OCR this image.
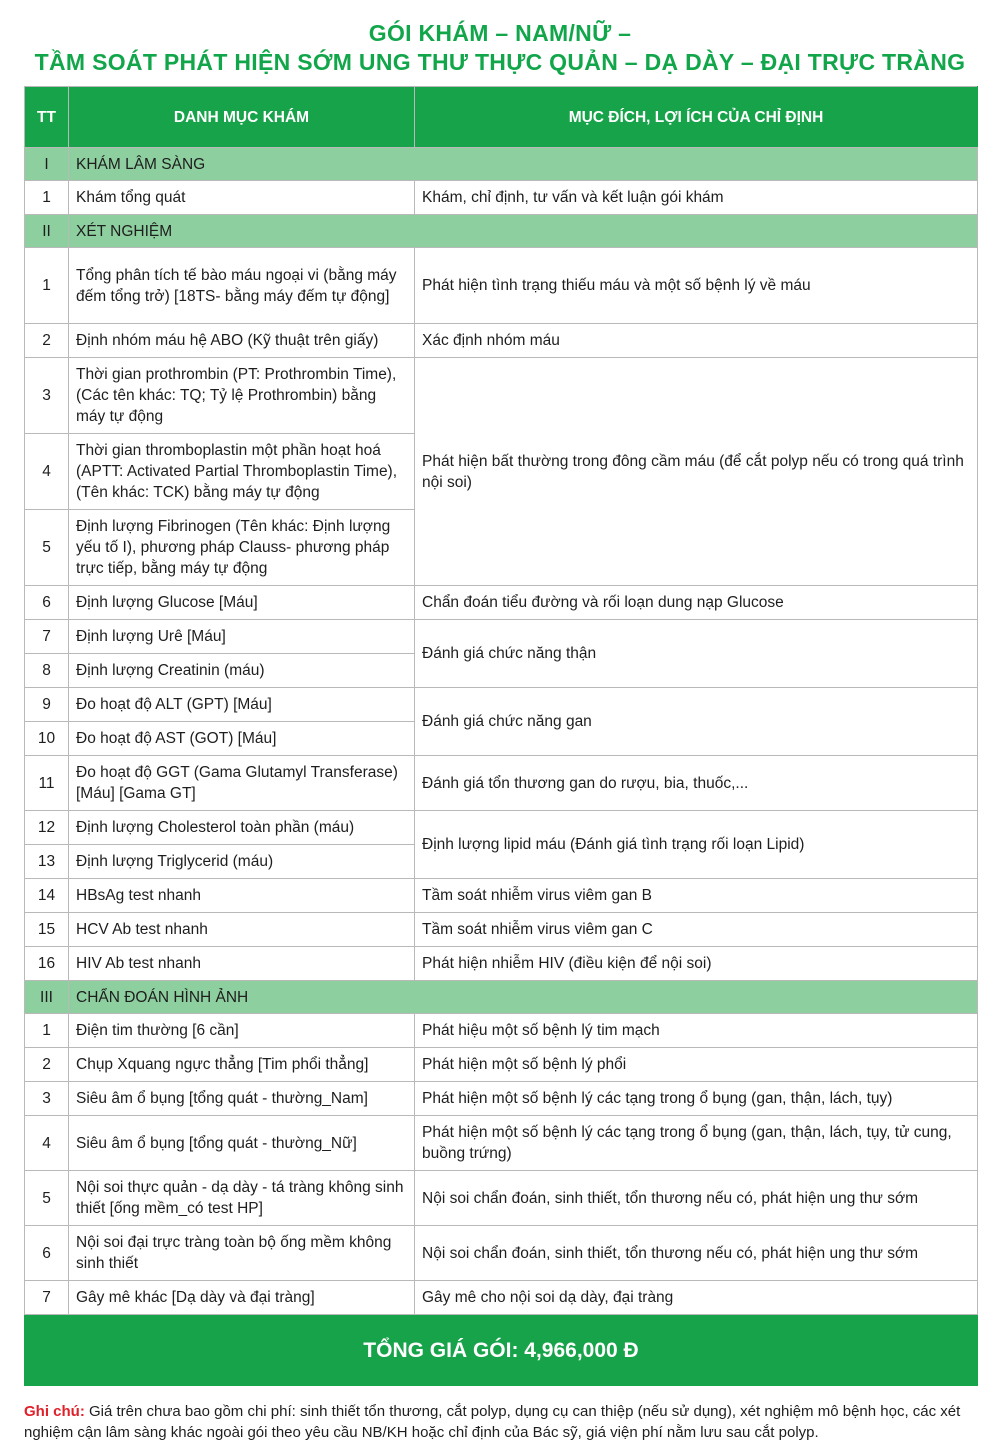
GÓI KHÁM – NAM/NỮ –
TẦM SOÁT PHÁT HIỆN SỚM UNG THƯ THỰC QUẢN – DẠ DÀY – ĐẠI TRỰC TRÀNG
TT	DANH MỤC KHÁM	MỤC ĐÍCH, LỢI ÍCH CỦA CHỈ ĐỊNH
I	KHÁM LÂM SÀNG	
1	Khám tổng quát	Khám, chỉ định, tư vấn và kết luận gói khám
II	XÉT NGHIỆM	
1	Tổng phân tích tế bào máu ngoại vi (bằng máy đếm tổng trở) [18TS- bằng máy đếm tự động]	Phát hiện tình trạng thiếu máu và một số bệnh lý về máu
2	Định nhóm máu hệ ABO (Kỹ thuật trên giấy)	Xác định nhóm máu
3	Thời gian prothrombin (PT: Prothrombin Time), (Các tên khác: TQ; Tỷ lệ Prothrombin) bằng máy tự động	Phát hiện bất thường trong đông cầm máu (để cắt polyp nếu có trong quá trình nội soi)
4	Thời gian thromboplastin một phần hoạt hoá (APTT: Activated Partial Thromboplastin Time), (Tên khác: TCK) bằng máy tự động	
5	Định lượng Fibrinogen (Tên khác: Định lượng yếu tố I), phương pháp Clauss- phương pháp trực tiếp, bằng máy tự động	
6	Định lượng Glucose [Máu]	Chẩn đoán tiểu đường và rối loạn dung nạp Glucose
7	Định lượng Urê [Máu]	Đánh giá chức năng thận
8	Định lượng Creatinin (máu)	
9	Đo hoạt độ ALT (GPT) [Máu]	Đánh giá chức năng gan
10	Đo hoạt độ AST (GOT) [Máu]	
11	Đo hoạt độ GGT (Gama Glutamyl Transferase) [Máu] [Gama GT]	Đánh giá tổn thương gan do rượu, bia, thuốc,...
12	Định lượng Cholesterol toàn phần (máu)	Định lượng lipid máu (Đánh giá tình trạng rối loạn Lipid)
13	Định lượng Triglycerid (máu)	
14	HBsAg test nhanh	Tầm soát nhiễm virus viêm gan B
15	HCV Ab test nhanh	Tầm soát nhiễm virus viêm gan C
16	HIV Ab test nhanh	Phát hiện nhiễm HIV (điều kiện để nội soi)
III	CHẨN ĐOÁN HÌNH ẢNH	
1	Điện tim thường [6 cần]	Phát hiệu một số bệnh lý tim mạch
2	Chụp Xquang ngực thẳng [Tim phổi thẳng]	Phát hiện một số bệnh lý phổi
3	Siêu âm ổ bụng [tổng quát - thường_Nam]	Phát hiện một số bệnh lý các tạng trong ổ bụng (gan, thận, lách, tụy)
4	Siêu âm ổ bụng [tổng quát - thường_Nữ]	Phát hiện một số bệnh lý các tạng trong ổ bụng (gan, thận, lách, tụy, tử cung, buồng trứng)
5	Nội soi thực quản - dạ dày - tá tràng không sinh thiết [ống mềm_có test HP]	Nội soi chẩn đoán, sinh thiết, tổn thương nếu có, phát hiện ung thư sớm
6	Nội soi đại trực tràng toàn bộ ống mềm không sinh thiết	Nội soi chẩn đoán, sinh thiết, tổn thương nếu có, phát hiện ung thư sớm
7	Gây mê khác [Dạ dày và đại tràng]	Gây mê cho nội soi dạ dày, đại tràng
TỔNG GIÁ GÓI: 4,966,000 Đ		
Ghi chú: Giá trên chưa bao gồm chi phí: sinh thiết tổn thương, cắt polyp, dụng cụ can thiệp (nếu sử dụng), xét nghiệm mô bệnh học, các xét nghiệm cận lâm sàng khác ngoài gói theo yêu cầu NB/KH hoặc chỉ định của Bác sỹ, giá viện phí nằm lưu sau cắt polyp.
